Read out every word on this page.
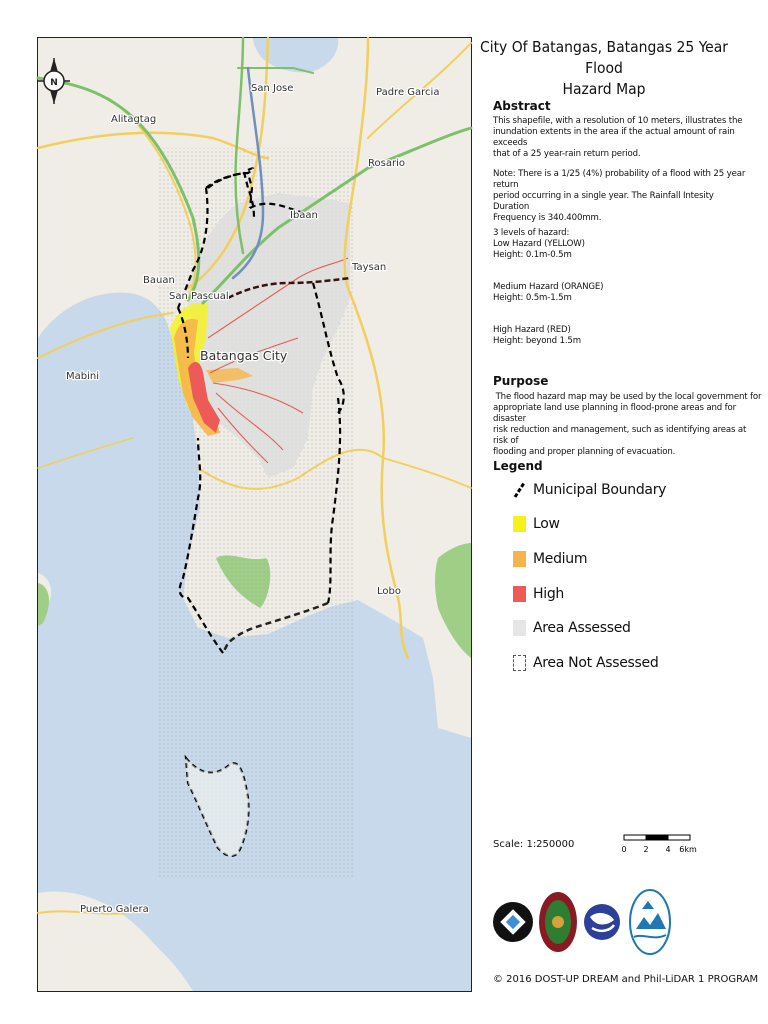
San Jose	Padre Garcia
Alitagtag
Rosario
Ibaan
Taysan
Bauan
San Pascual
Batangas City
Mabini
Lobo
Puerto Galera
N
City Of Batangas, Batangas 25 Year Flood
Hazard Map
Abstract
This shapefile, with a resolution of 10 meters, illustrates the
inundation extents in the area if the actual amount of rain exceeds
that of a 25 year-rain return period.
Note: There is a 1/25 (4%) probability of a flood with 25 year return
period occurring in a single year. The Rainfall Intesity Duration
Frequency is 340.400mm.
3 levels of hazard:
Low Hazard (YELLOW)
Height: 0.1m-0.5m
Medium Hazard (ORANGE)
Height: 0.5m-1.5m
High Hazard (RED)
Height: beyond 1.5m
Purpose
The flood hazard map may be used by the local government for
appropriate land use planning in flood-prone areas and for disaster
risk reduction and management, such as identifying areas at risk of
flooding and proper planning of evacuation.
Legend
Municipal Boundary
Low
Medium
High
Area Assessed
Area Not Assessed
Scale: 1:250000	0 2 4 6km
© 2016 DOST-UP DREAM and Phil-LiDAR 1 PROGRAM
